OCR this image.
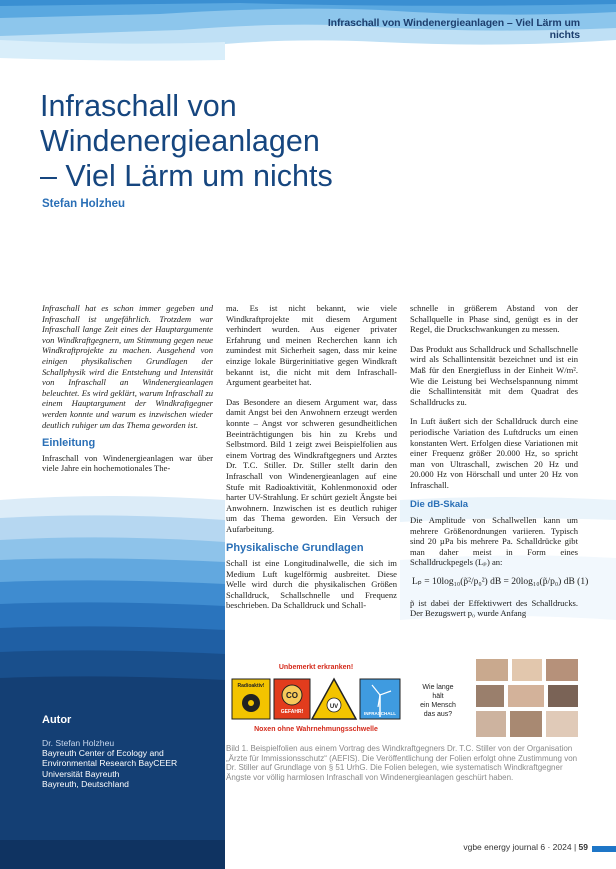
Infraschall von Windenergieanlagen – Viel Lärm um nichts
Infraschall von
Windenergieanlagen
– Viel Lärm um nichts

Stefan Holzheu

Infraschall hat es schon immer gegeben und Infraschall ist ungefährlich. Trotzdem war Infraschall lange Zeit eines der Hauptargumente von Windkraftgegnern, um Stimmung gegen neue Windkraftprojekte zu machen. Ausgehend von einigen physikalischen Grundlagen der Schallphysik wird die Entstehung und Intensität von Infraschall an Windenergieanlagen beleuchtet. Es wird geklärt, warum Infraschall zu einem Hauptargument der Windkraftgegner werden konnte und warum es inzwischen wieder deutlich ruhiger um das Thema geworden ist.

Einleitung

Infraschall von Windenergieanlagen war über viele Jahre ein hochemotionales The-

ma. Es ist nicht bekannt, wie viele Windkraftprojekte mit diesem Argument verhindert wurden. Aus eigener privater Erfahrung und meinen Recherchen kann ich zumindest mit Sicherheit sagen, dass mir keine einzige lokale Bürgerinitiative gegen Windkraft bekannt ist, die nicht mit dem Infraschall-Argument gearbeitet hat.

Das Besondere an diesem Argument war, dass damit Angst bei den Anwohnern erzeugt werden konnte – Angst vor schweren gesundheitlichen Beeinträchtigungen bis hin zu Krebs und Selbstmord. Bild 1 zeigt zwei Beispielfolien aus einem Vortrag des Windkraftgegners und Arztes Dr. T.C. Stiller. Dr. Stiller stellt darin den Infraschall von Windenergieanlagen auf eine Stufe mit Radioaktivität, Kohlenmonoxid oder harter UV-Strahlung. Er schürt gezielt Ängste bei Anwohnern. Inzwischen ist es deutlich ruhiger um das Thema geworden. Ein Versuch der Aufarbeitung.

Physikalische Grundlagen

Schall ist eine Longitudinalwelle, die sich im Medium Luft kugelförmig ausbreitet. Diese Welle wird durch die physikalischen Größen Schalldruck, Schallschnelle und Frequenz beschrieben. Da Schalldruck und Schall-

schnelle in größerem Abstand von der Schallquelle in Phase sind, genügt es in der Regel, die Druckschwankungen zu messen.

Das Produkt aus Schalldruck und Schallschnelle wird als Schallintensität bezeichnet und ist ein Maß für den Energiefluss in der Einheit W/m². Wie die Leistung bei Wechselspannung nimmt die Schallintensität mit dem Quadrat des Schalldrucks zu.

In Luft äußert sich der Schalldruck durch eine periodische Variation des Luftdrucks um einen konstanten Wert. Erfolgen diese Variationen mit einer Frequenz größer 20.000 Hz, so spricht man von Ultraschall, zwischen 20 Hz und 20.000 Hz von Hörschall und unter 20 Hz von Infraschall.

Die dB-Skala

Die Amplitude von Schallwellen kann um mehrere Größenordnungen variieren. Typisch sind 20 µPa bis mehrere Pa. Schalldrücke gibt man daher meist in Form eines Schalldruckpegels (Lₚ) an:

Lₚ = 10log₁₀(p̃²/p₀²) dB = 20log₁₀(p̃/p₀) dB (1)

p̃ ist dabei der Effektivwert des Schalldrucks. Der Bezugswert p₀ wurde Anfang

Autor
Dr. Stefan Holzheu
Bayreuth Center of Ecology and
Environmental Research BayCEER
Universität Bayreuth
Bayreuth, Deutschland
Unbemerkt erkranken!
Radioaktiv!
CO
GEFAHR!
UV
INFRASCHALL
Noxen ohne Wahrnehmungsschwelle
Wie lange
hält
ein Mensch
das aus?
Bild 1. Beispielfolien aus einem Vortrag des Windkraftgegners Dr. T.C. Stiller von der Organisation „Ärzte für Immissionsschutz“ (AEFIS). Die Veröffentlichung der Folien erfolgt ohne Zustimmung von Dr. Stiller auf Grundlage von § 51 UrhG. Die Folien belegen, wie systematisch Windkraftgegner Ängste vor völlig harmlosen Infraschall von Windenergieanlagen geschürt haben.
vgbe energy journal 6 · 2024 | 59
